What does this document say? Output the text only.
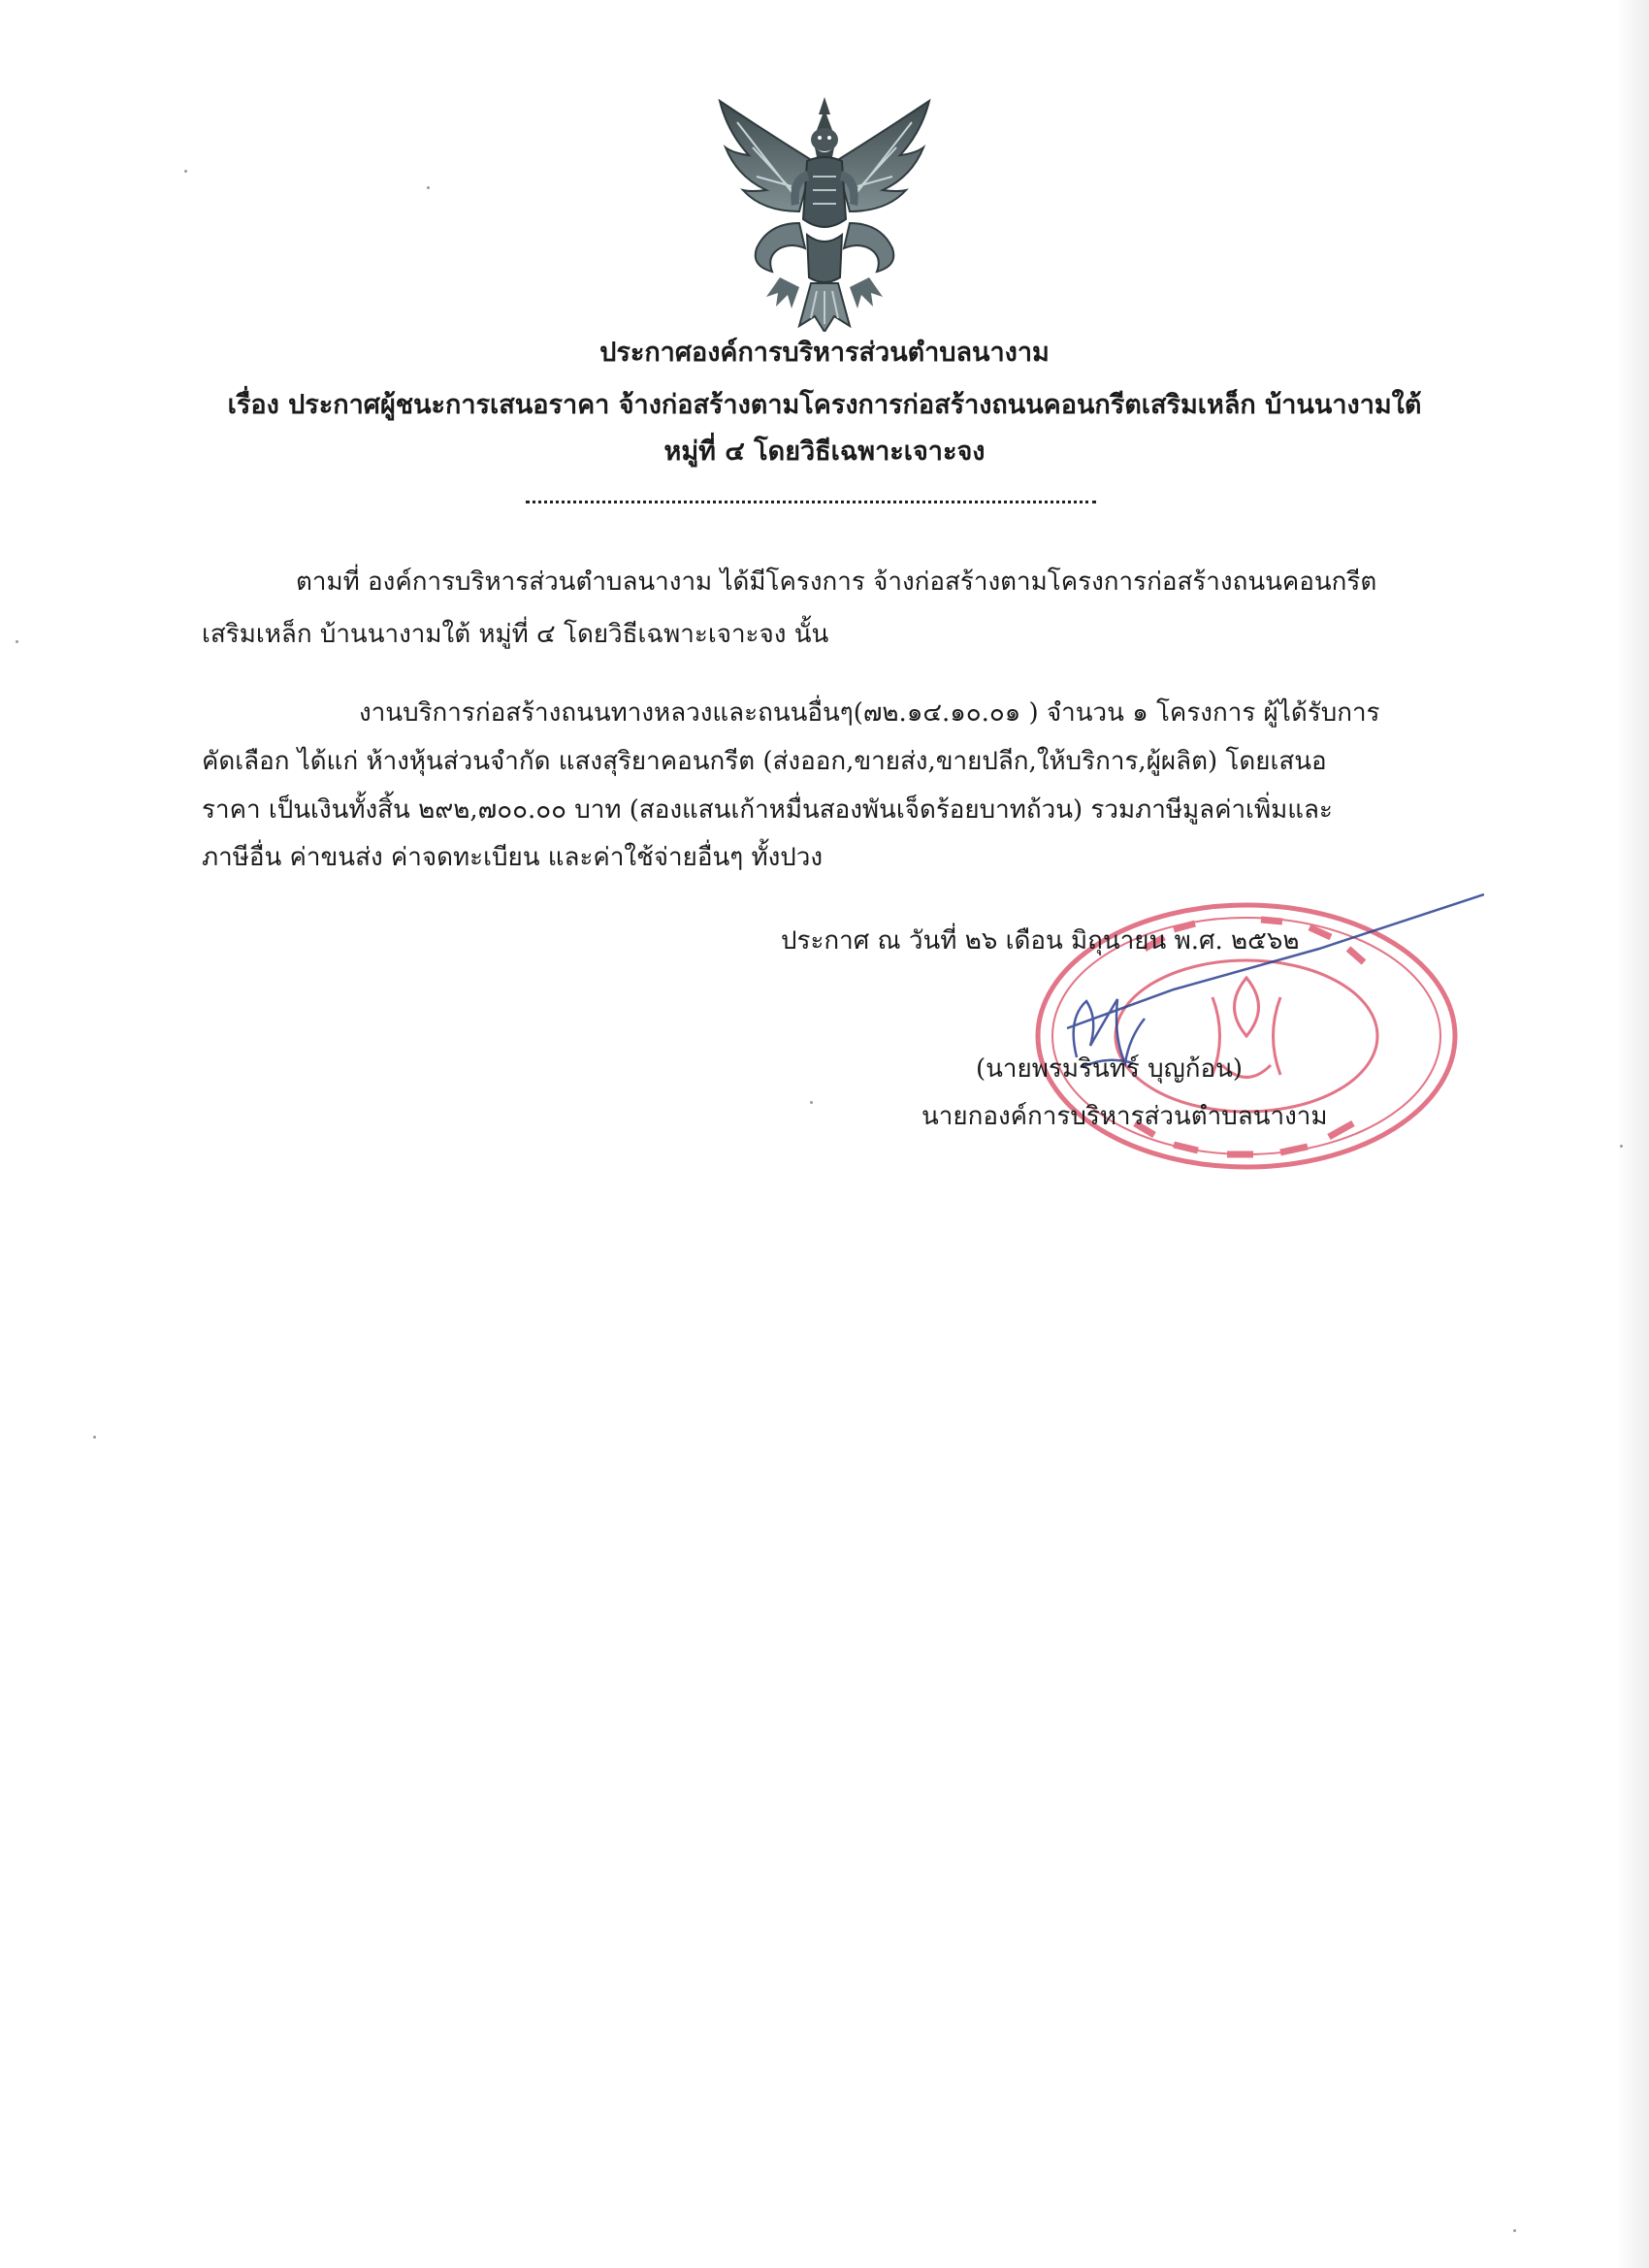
ประกาศองค์การบริหารส่วนตำบลนางาม
เรื่อง ประกาศผู้ชนะการเสนอราคา จ้างก่อสร้างตามโครงการก่อสร้างถนนคอนกรีตเสริมเหล็ก บ้านนางามใต้
หมู่ที่ ๔ โดยวิธีเฉพาะเจาะจง
ตามที่ องค์การบริหารส่วนตำบลนางาม ได้มีโครงการ จ้างก่อสร้างตามโครงการก่อสร้างถนนคอนกรีต
เสริมเหล็ก บ้านนางามใต้ หมู่ที่ ๔ โดยวิธีเฉพาะเจาะจง นั้น
งานบริการก่อสร้างถนนทางหลวงและถนนอื่นๆ(๗๒.๑๔.๑๐.๐๑ ) จำนวน ๑ โครงการ ผู้ได้รับการ
คัดเลือก ได้แก่ ห้างหุ้นส่วนจำกัด แสงสุริยาคอนกรีต (ส่งออก,ขายส่ง,ขายปลีก,ให้บริการ,ผู้ผลิต) โดยเสนอ
ราคา เป็นเงินทั้งสิ้น ๒๙๒,๗๐๐.๐๐ บาท (สองแสนเก้าหมื่นสองพันเจ็ดร้อยบาทถ้วน) รวมภาษีมูลค่าเพิ่มและ
ภาษีอื่น ค่าขนส่ง ค่าจดทะเบียน และค่าใช้จ่ายอื่นๆ ทั้งปวง
ประกาศ ณ วันที่ ๒๖ เดือน มิถุนายน พ.ศ. ๒๕๖๒
(นายพรมรินทร์ บุญก้อน)
นายกองค์การบริหารส่วนตำบลนางาม
